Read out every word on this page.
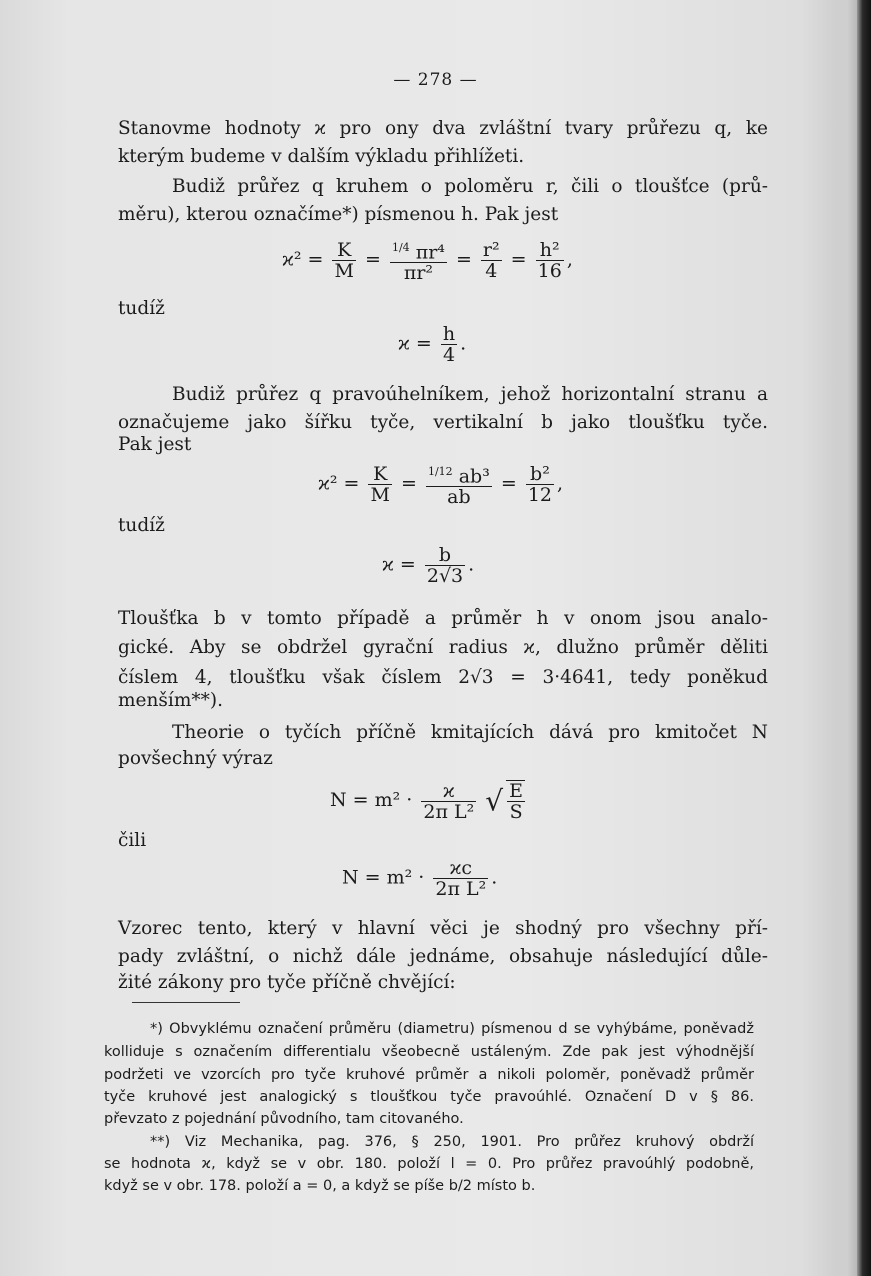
— 278 —
Stanovme hodnoty ϰ pro ony dva zvláštní tvary průřezu q, ke
kterým budeme v dalším výkladu přihlížeti.
Budiž průřez q kruhem o poloměru r, čili o tloušťce (prů-
měru), kterou označíme*) písmenou h. Pak jest
$ϰ^2 = \frac{K}{M} = \frac{^{1/4} \pi r^4}{\text{πr²}} = \frac{\text{r²}}{4} = \frac{\text{h²}}{16}$ ,
tudíž
$ϰ = \frac{h}{4}$ .
Budiž průřez q pravoúhelníkem, jehož horizontalní stranu a
označujeme jako šířku tyče, vertikalní b jako tloušťku tyče.
Pak jest
$ϰ^2 = \frac{K}{M} = \frac{^{1/12} ab^3}{ab} = \frac{\text{b²}}{12}$ ,
tudíž
$ϰ = \frac{b}{2√3}$ .
Tloušťka b v tomto případě a průměr h v onom jsou analo-
gické. Aby se obdržel gyrační radius ϰ, dlužno průměr děliti
číslem 4, tloušťku však číslem 2√3 = 3·4641, tedy poněkud
menším**).
Theorie o tyčích příčně kmitajících dává pro kmitočet N
povšechný výraz
$N = m^2 \cdot \frac{ϰ}{\text{2π L²}}$ √ $\frac{E}{S}$
čili
$N = m^2 \cdot \frac{ϰc}{\text{2π L²}}$ .
Vzorec tento, který v hlavní věci je shodný pro všechny pří-
pady zvláštní, o nichž dále jednáme, obsahuje následující důle-
žité zákony pro tyče příčně chvějící:
*) Obvyklému označení průměru (diametru) písmenou d se vyhýbáme, poněvadž
kolliduje s označením differentialu všeobecně ustáleným. Zde pak jest výhodnější
podržeti ve vzorcích pro tyče kruhové průměr a nikoli poloměr, poněvadž průměr
tyče kruhové jest analogický s tloušťkou tyče pravoúhlé. Označení D v § 86.
převzato z pojednání původního, tam citovaného.
**) Viz Mechanika, pag. 376, § 250, 1901. Pro průřez kruhový obdrží
se hodnota ϰ, když se v obr. 180. položí l = 0. Pro průřez pravoúhlý podobně,
když se v obr. 178. položí a = 0, a když se píše b/2 místo b.
